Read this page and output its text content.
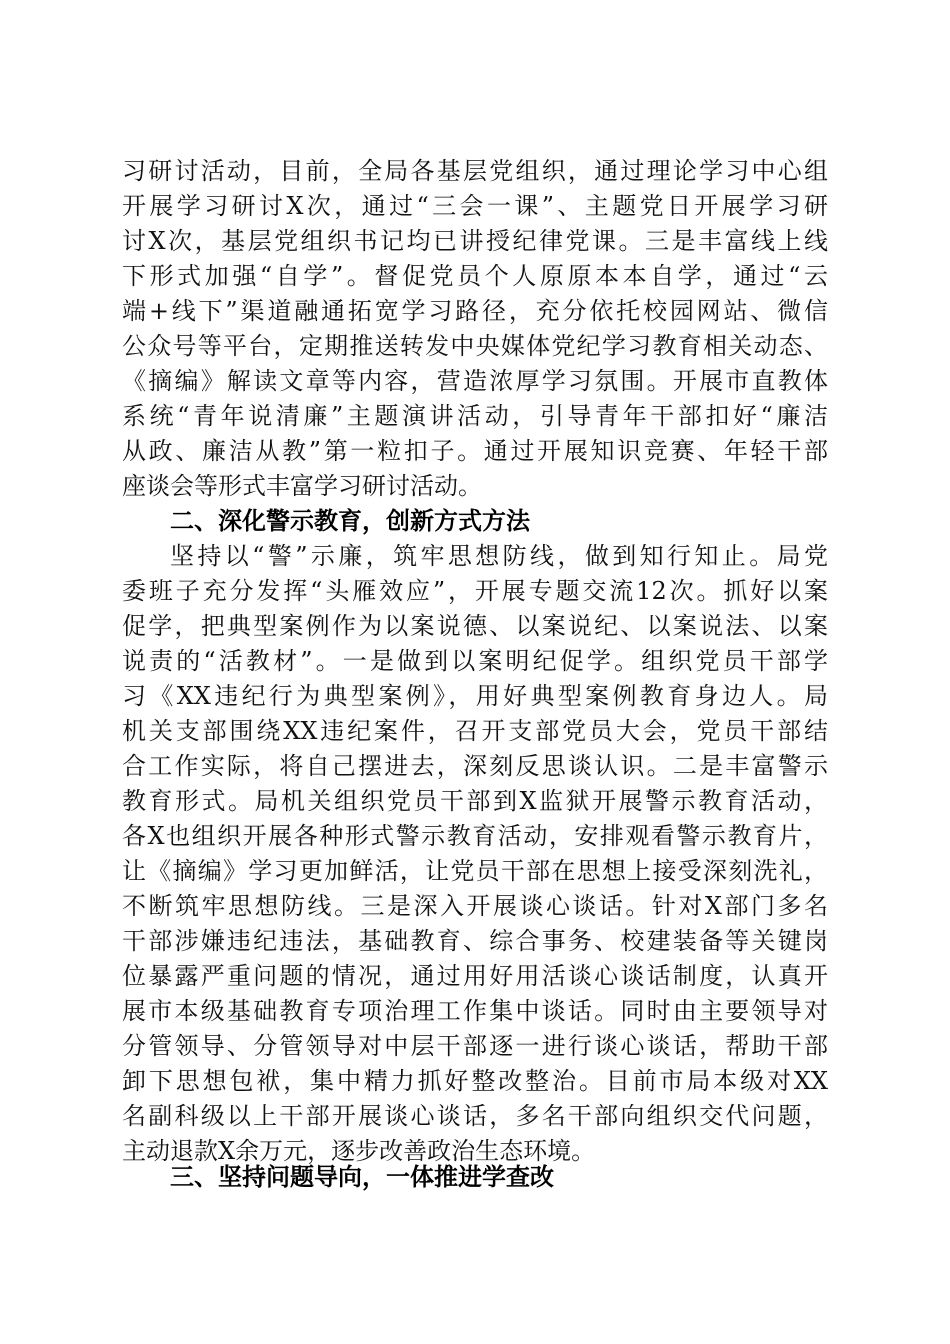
习研讨活动，目前，全局各基层党组织，通过理论学习中心组
开展学习研讨X次，通过“三会一课”、主题党日开展学习研
讨X次，基层党组织书记均已讲授纪律党课。三是丰富线上线
下形式加强“自学”。督促党员个人原原本本自学，通过“云
端+线下”渠道融通拓宽学习路径，充分依托校园网站、微信
公众号等平台，定期推送转发中央媒体党纪学习教育相关动态、
《摘编》解读文章等内容，营造浓厚学习氛围。开展市直教体
系统“青年说清廉”主题演讲活动，引导青年干部扣好“廉洁
从政、廉洁从教”第一粒扣子。通过开展知识竞赛、年轻干部
座谈会等形式丰富学习研讨活动。
二、深化警示教育，创新方式方法
坚持以“警”示廉，筑牢思想防线，做到知行知止。局党
委班子充分发挥“头雁效应”，开展专题交流12次。抓好以案
促学，把典型案例作为以案说德、以案说纪、以案说法、以案
说责的“活教材”。一是做到以案明纪促学。组织党员干部学
习《XX违纪行为典型案例》，用好典型案例教育身边人。局
机关支部围绕XX违纪案件，召开支部党员大会，党员干部结
合工作实际，将自己摆进去，深刻反思谈认识。二是丰富警示
教育形式。局机关组织党员干部到X监狱开展警示教育活动，
各X也组织开展各种形式警示教育活动，安排观看警示教育片，
让《摘编》学习更加鲜活，让党员干部在思想上接受深刻洗礼，
不断筑牢思想防线。三是深入开展谈心谈话。针对X部门多名
干部涉嫌违纪违法，基础教育、综合事务、校建装备等关键岗
位暴露严重问题的情况，通过用好用活谈心谈话制度，认真开
展市本级基础教育专项治理工作集中谈话。同时由主要领导对
分管领导、分管领导对中层干部逐一进行谈心谈话，帮助干部
卸下思想包袱，集中精力抓好整改整治。目前市局本级对XX
名副科级以上干部开展谈心谈话，多名干部向组织交代问题，
主动退款X余万元，逐步改善政治生态环境。
三、坚持问题导向，一体推进学查改
